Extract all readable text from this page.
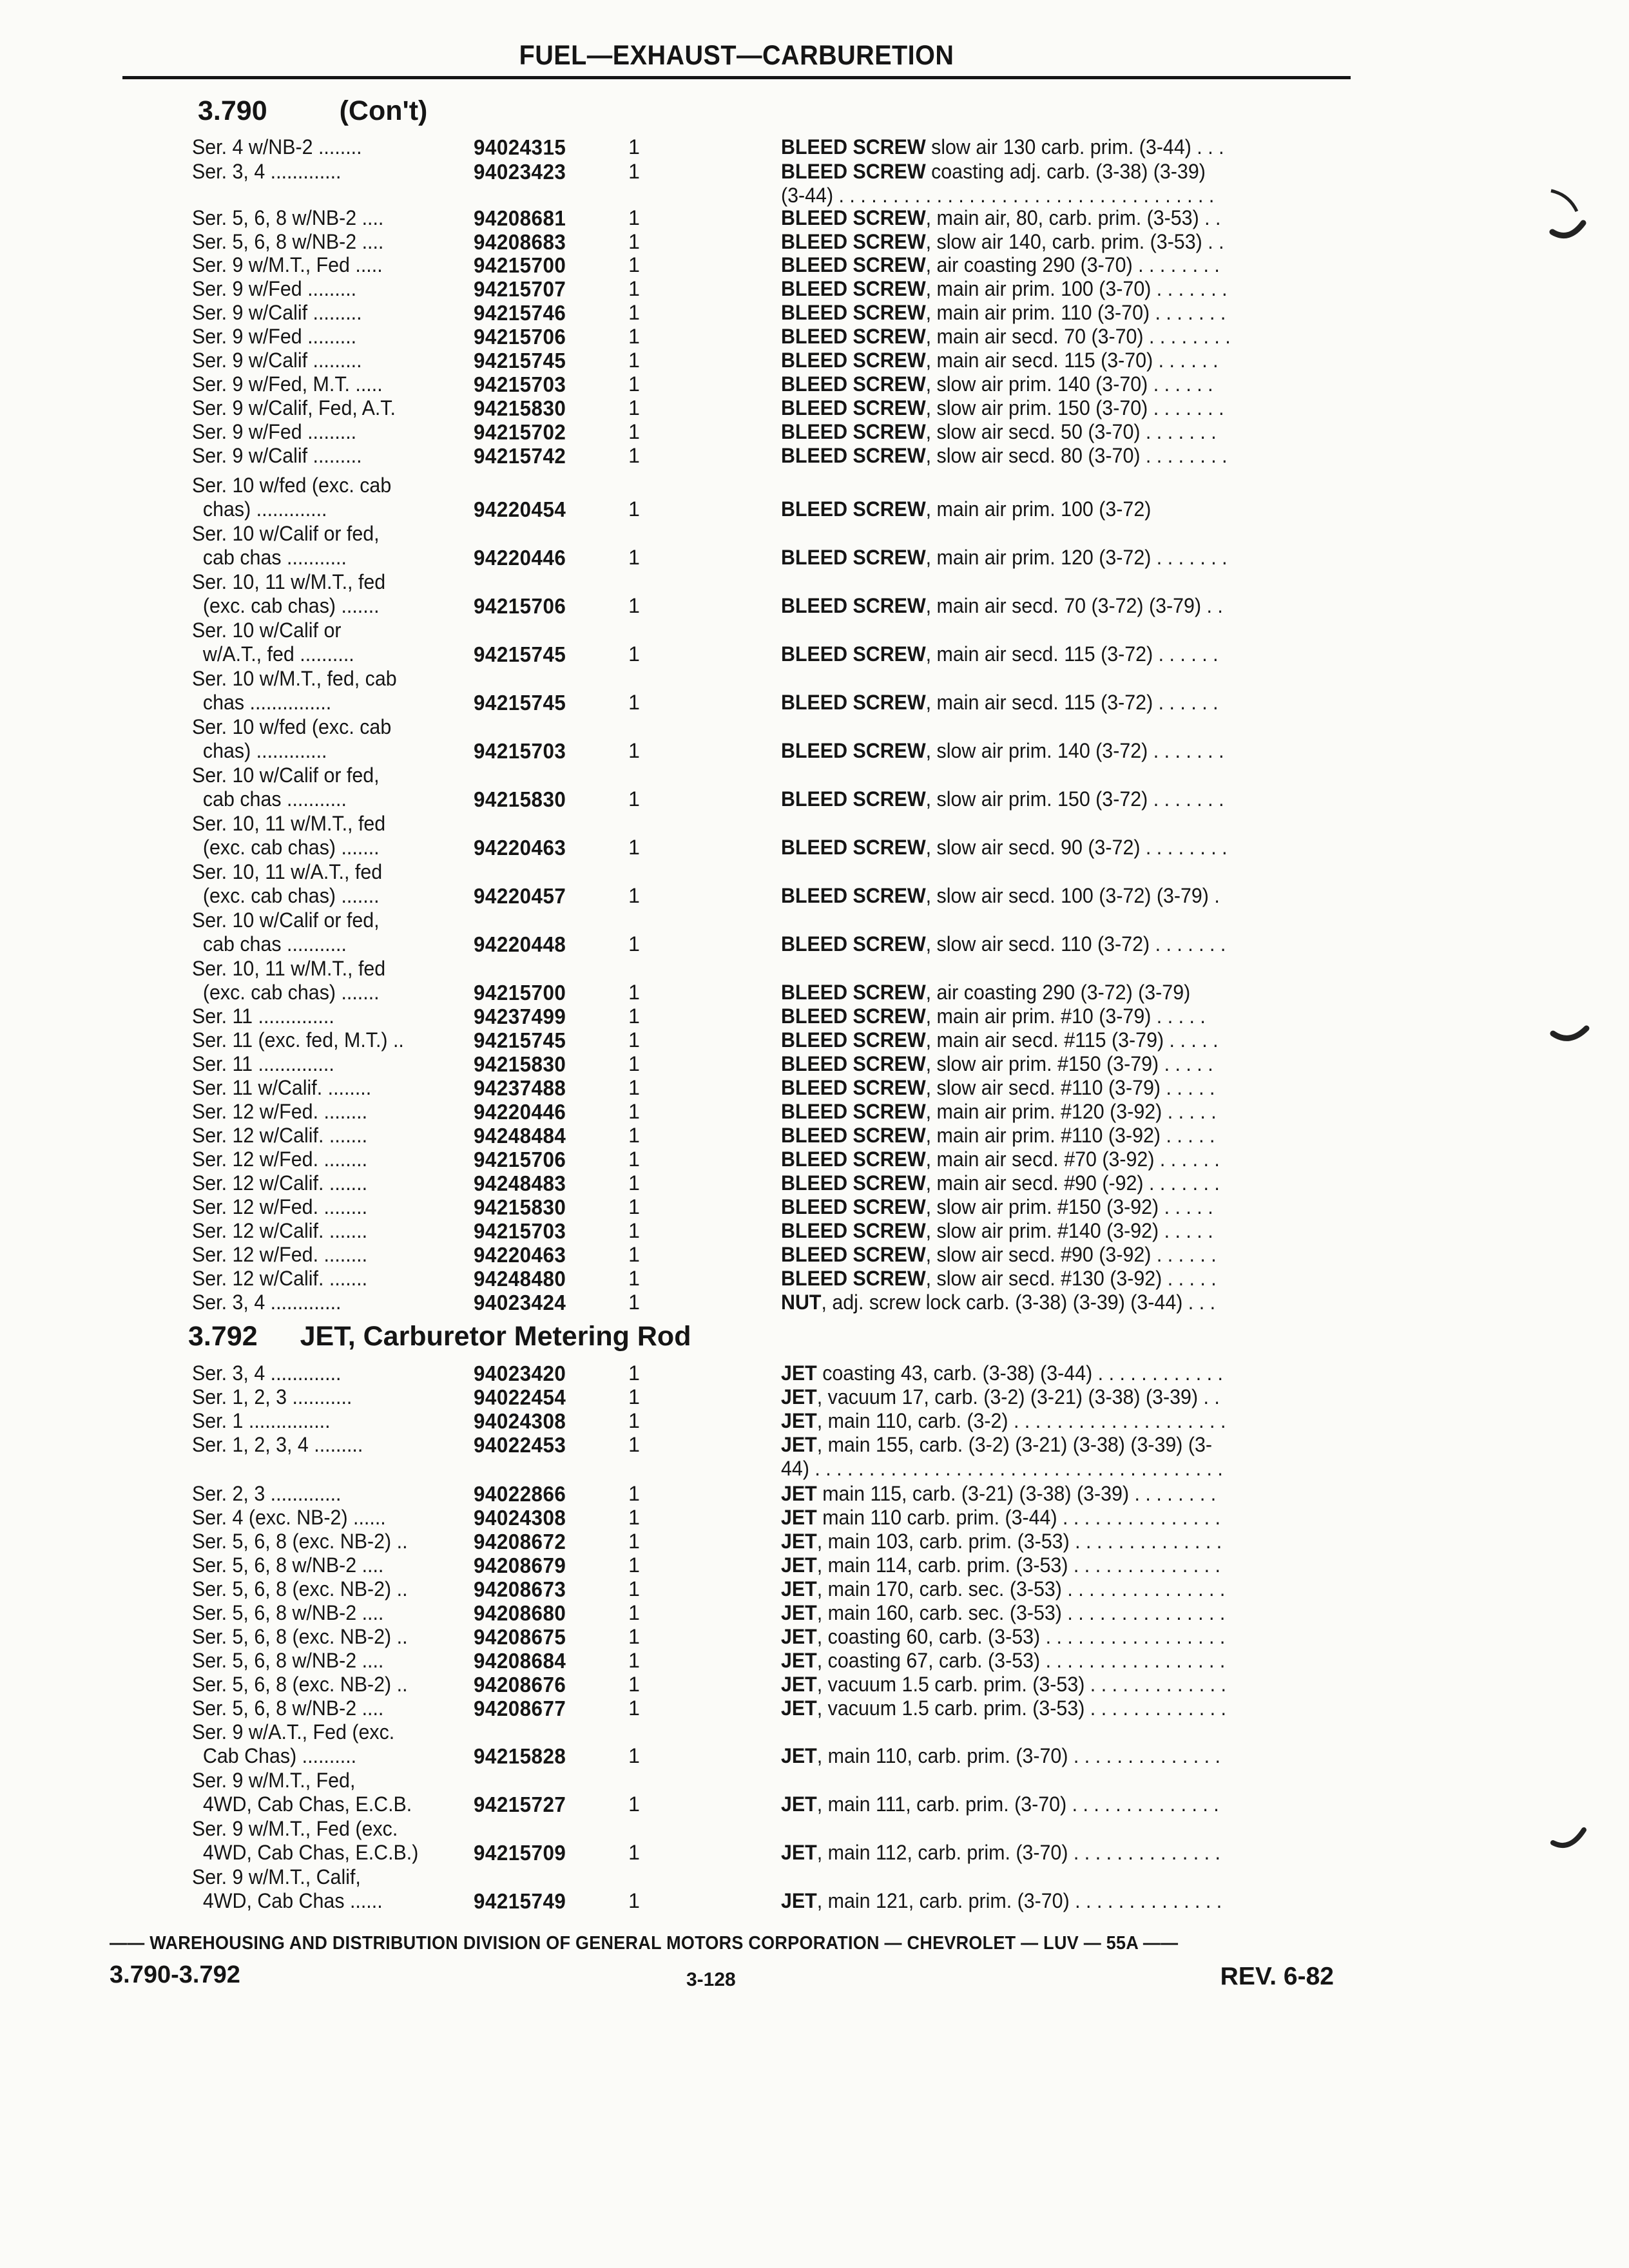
FUEL—EXHAUST—CARBURETION
3.790	(Con't)
3.792 JET, Carburetor Metering Rod
Ser. 4 w/NB-2 ........	94024315	1	BLEED SCREW slow air 130 carb. prim. (3-44) . . .
Ser. 3, 4 .............	94023423	1	BLEED SCREW coasting adj. carb. (3-38) (3-39)
(3-44) . . . . . . . . . . . . . . . . . . . . . . . . . . . . . . . . . . .
Ser. 5, 6, 8 w/NB-2 ....	94208681	1	BLEED SCREW, main air, 80, carb. prim. (3-53) . .
Ser. 5, 6, 8 w/NB-2 ....	94208683	1	BLEED SCREW, slow air 140, carb. prim. (3-53) . .
Ser. 9 w/M.T., Fed .....	94215700	1	BLEED SCREW, air coasting 290 (3-70) . . . . . . . .
Ser. 9 w/Fed .........	94215707	1	BLEED SCREW, main air prim. 100 (3-70) . . . . . . .
Ser. 9 w/Calif .........	94215746	1	BLEED SCREW, main air prim. 110 (3-70) . . . . . . .
Ser. 9 w/Fed .........	94215706	1	BLEED SCREW, main air secd. 70 (3-70) . . . . . . . .
Ser. 9 w/Calif .........	94215745	1	BLEED SCREW, main air secd. 115 (3-70) . . . . . .
Ser. 9 w/Fed, M.T. .....	94215703	1	BLEED SCREW, slow air prim. 140 (3-70) . . . . . .
Ser. 9 w/Calif, Fed, A.T.	94215830	1	BLEED SCREW, slow air prim. 150 (3-70) . . . . . . .
Ser. 9 w/Fed .........	94215702	1	BLEED SCREW, slow air secd. 50 (3-70) . . . . . . .
Ser. 9 w/Calif .........	94215742	1	BLEED SCREW, slow air secd. 80 (3-70) . . . . . . . .
Ser. 10 w/fed (exc. cab
chas) .............	94220454	1	BLEED SCREW, main air prim. 100 (3-72)
Ser. 10 w/Calif or fed,
cab chas ...........	94220446	1	BLEED SCREW, main air prim. 120 (3-72) . . . . . . .
Ser. 10, 11 w/M.T., fed
(exc. cab chas) .......	94215706	1	BLEED SCREW, main air secd. 70 (3-72) (3-79) . .
Ser. 10 w/Calif or
w/A.T., fed ..........	94215745	1	BLEED SCREW, main air secd. 115 (3-72) . . . . . .
Ser. 10 w/M.T., fed, cab
chas ...............	94215745	1	BLEED SCREW, main air secd. 115 (3-72) . . . . . .
Ser. 10 w/fed (exc. cab
chas) .............	94215703	1	BLEED SCREW, slow air prim. 140 (3-72) . . . . . . .
Ser. 10 w/Calif or fed,
cab chas ...........	94215830	1	BLEED SCREW, slow air prim. 150 (3-72) . . . . . . .
Ser. 10, 11 w/M.T., fed
(exc. cab chas) .......	94220463	1	BLEED SCREW, slow air secd. 90 (3-72) . . . . . . . .
Ser. 10, 11 w/A.T., fed
(exc. cab chas) .......	94220457	1	BLEED SCREW, slow air secd. 100 (3-72) (3-79) .
Ser. 10 w/Calif or fed,
cab chas ...........	94220448	1	BLEED SCREW, slow air secd. 110 (3-72) . . . . . . .
Ser. 10, 11 w/M.T., fed
(exc. cab chas) .......	94215700	1	BLEED SCREW, air coasting 290 (3-72) (3-79)
Ser. 11 ..............	94237499	1	BLEED SCREW, main air prim. #10 (3-79) . . . . .
Ser. 11 (exc. fed, M.T.) ..	94215745	1	BLEED SCREW, main air secd. #115 (3-79) . . . . .
Ser. 11 ..............	94215830	1	BLEED SCREW, slow air prim. #150 (3-79) . . . . .
Ser. 11 w/Calif. ........	94237488	1	BLEED SCREW, slow air secd. #110 (3-79) . . . . .
Ser. 12 w/Fed. ........	94220446	1	BLEED SCREW, main air prim. #120 (3-92) . . . . .
Ser. 12 w/Calif. .......	94248484	1	BLEED SCREW, main air prim. #110 (3-92) . . . . .
Ser. 12 w/Fed. ........	94215706	1	BLEED SCREW, main air secd. #70 (3-92) . . . . . .
Ser. 12 w/Calif. .......	94248483	1	BLEED SCREW, main air secd. #90 (-92) . . . . . . .
Ser. 12 w/Fed. ........	94215830	1	BLEED SCREW, slow air prim. #150 (3-92) . . . . .
Ser. 12 w/Calif. .......	94215703	1	BLEED SCREW, slow air prim. #140 (3-92) . . . . .
Ser. 12 w/Fed. ........	94220463	1	BLEED SCREW, slow air secd. #90 (3-92) . . . . . .
Ser. 12 w/Calif. .......	94248480	1	BLEED SCREW, slow air secd. #130 (3-92) . . . . .
Ser. 3, 4 .............	94023424	1	NUT, adj. screw lock carb. (3-38) (3-39) (3-44) . . .
Ser. 3, 4 .............	94023420	1	JET coasting 43, carb. (3-38) (3-44) . . . . . . . . . . . .
Ser. 1, 2, 3 ...........	94022454	1	JET, vacuum 17, carb. (3-2) (3-21) (3-38) (3-39) . .
Ser. 1 ...............	94024308	1	JET, main 110, carb. (3-2) . . . . . . . . . . . . . . . . . . . .
Ser. 1, 2, 3, 4 .........	94022453	1	JET, main 155, carb. (3-2) (3-21) (3-38) (3-39) (3-
44) . . . . . . . . . . . . . . . . . . . . . . . . . . . . . . . . . . . . . .
Ser. 2, 3 .............	94022866	1	JET main 115, carb. (3-21) (3-38) (3-39) . . . . . . . .
Ser. 4 (exc. NB-2) ......	94024308	1	JET main 110 carb. prim. (3-44) . . . . . . . . . . . . . . .
Ser. 5, 6, 8 (exc. NB-2) ..	94208672	1	JET, main 103, carb. prim. (3-53) . . . . . . . . . . . . . .
Ser. 5, 6, 8 w/NB-2 ....	94208679	1	JET, main 114, carb. prim. (3-53) . . . . . . . . . . . . . .
Ser. 5, 6, 8 (exc. NB-2) ..	94208673	1	JET, main 170, carb. sec. (3-53) . . . . . . . . . . . . . . .
Ser. 5, 6, 8 w/NB-2 ....	94208680	1	JET, main 160, carb. sec. (3-53) . . . . . . . . . . . . . . .
Ser. 5, 6, 8 (exc. NB-2) ..	94208675	1	JET, coasting 60, carb. (3-53) . . . . . . . . . . . . . . . . .
Ser. 5, 6, 8 w/NB-2 ....	94208684	1	JET, coasting 67, carb. (3-53) . . . . . . . . . . . . . . . . .
Ser. 5, 6, 8 (exc. NB-2) ..	94208676	1	JET, vacuum 1.5 carb. prim. (3-53) . . . . . . . . . . . . .
Ser. 5, 6, 8 w/NB-2 ....	94208677	1	JET, vacuum 1.5 carb. prim. (3-53) . . . . . . . . . . . . .
Ser. 9 w/A.T., Fed (exc.
Cab Chas) ..........	94215828	1	JET, main 110, carb. prim. (3-70) . . . . . . . . . . . . . .
Ser. 9 w/M.T., Fed,
4WD, Cab Chas, E.C.B.	94215727	1	JET, main 111, carb. prim. (3-70) . . . . . . . . . . . . . .
Ser. 9 w/M.T., Fed (exc.
4WD, Cab Chas, E.C.B.)	94215709	1	JET, main 112, carb. prim. (3-70) . . . . . . . . . . . . . .
Ser. 9 w/M.T., Calif,
4WD, Cab Chas ......	94215749	1	JET, main 121, carb. prim. (3-70) . . . . . . . . . . . . . .
—— WAREHOUSING AND DISTRIBUTION DIVISION OF GENERAL MOTORS CORPORATION — CHEVROLET — LUV — 55A ——
3.790-3.792	3-128	REV. 6-82
